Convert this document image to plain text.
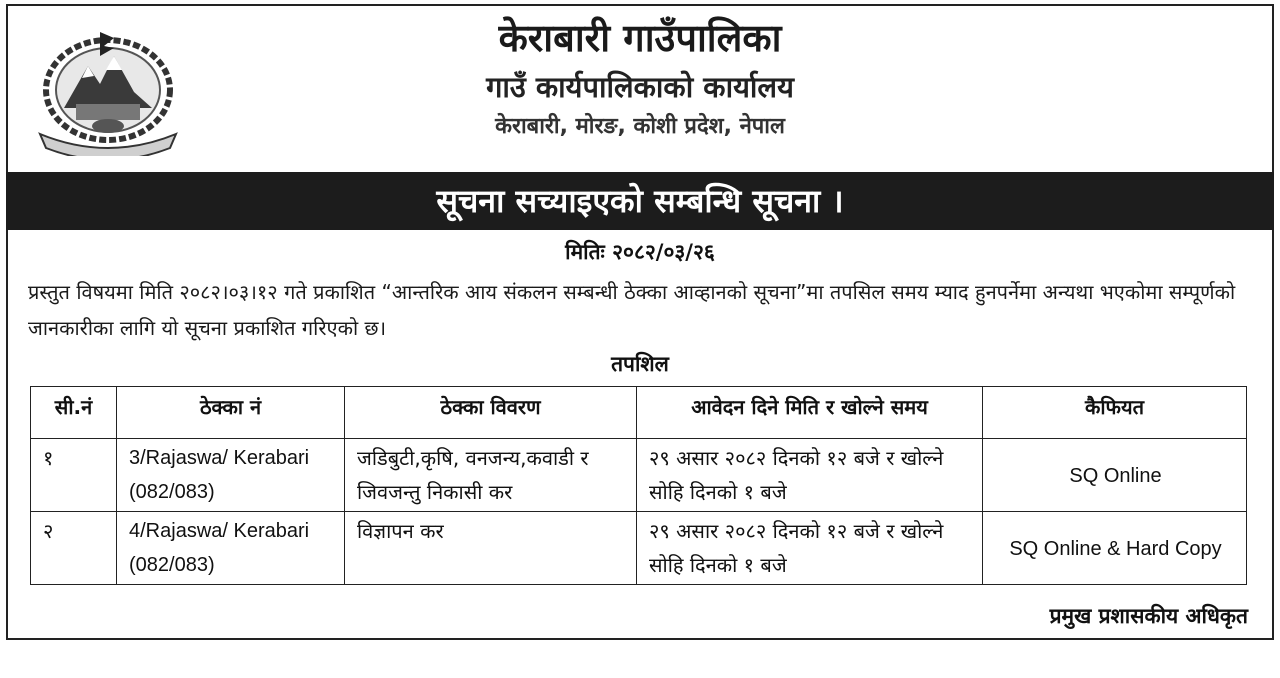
केराबारी गाउँपालिका
गाउँ कार्यपालिकाको कार्यालय
केराबारी, मोरङ, कोशी प्रदेश, नेपाल
सूचना सच्याइएको सम्बन्धि सूचना ।
मितिः २०८२/०३/२६
प्रस्तुत विषयमा मिति २०८२।०३।१२ गते प्रकाशित “आन्तरिक आय संकलन सम्बन्धी ठेक्का आव्हानको सूचना”मा तपसिल समय म्याद हुनपर्नेमा अन्यथा भएकोमा सम्पूर्णको जानकारीका लागि यो सूचना प्रकाशित गरिएको छ।
तपशिल
सी.नं	ठेक्का नं	ठेक्का विवरण	आवेदन दिने मिति र खोल्ने समय	कैफियत
१	3/Rajaswa/ Kerabari (082/083)	जडिबुटी,कृषि, वनजन्य,कवाडी र जिवजन्तु निकासी कर	२९ असार २०८२ दिनको १२ बजे र खोल्ने सोहि दिनको १ बजे	SQ Online
२	4/Rajaswa/ Kerabari (082/083)	विज्ञापन कर	२९ असार २०८२ दिनको १२ बजे र खोल्ने सोहि दिनको १ बजे	SQ Online & Hard Copy
प्रमुख प्रशासकीय अधिकृत
